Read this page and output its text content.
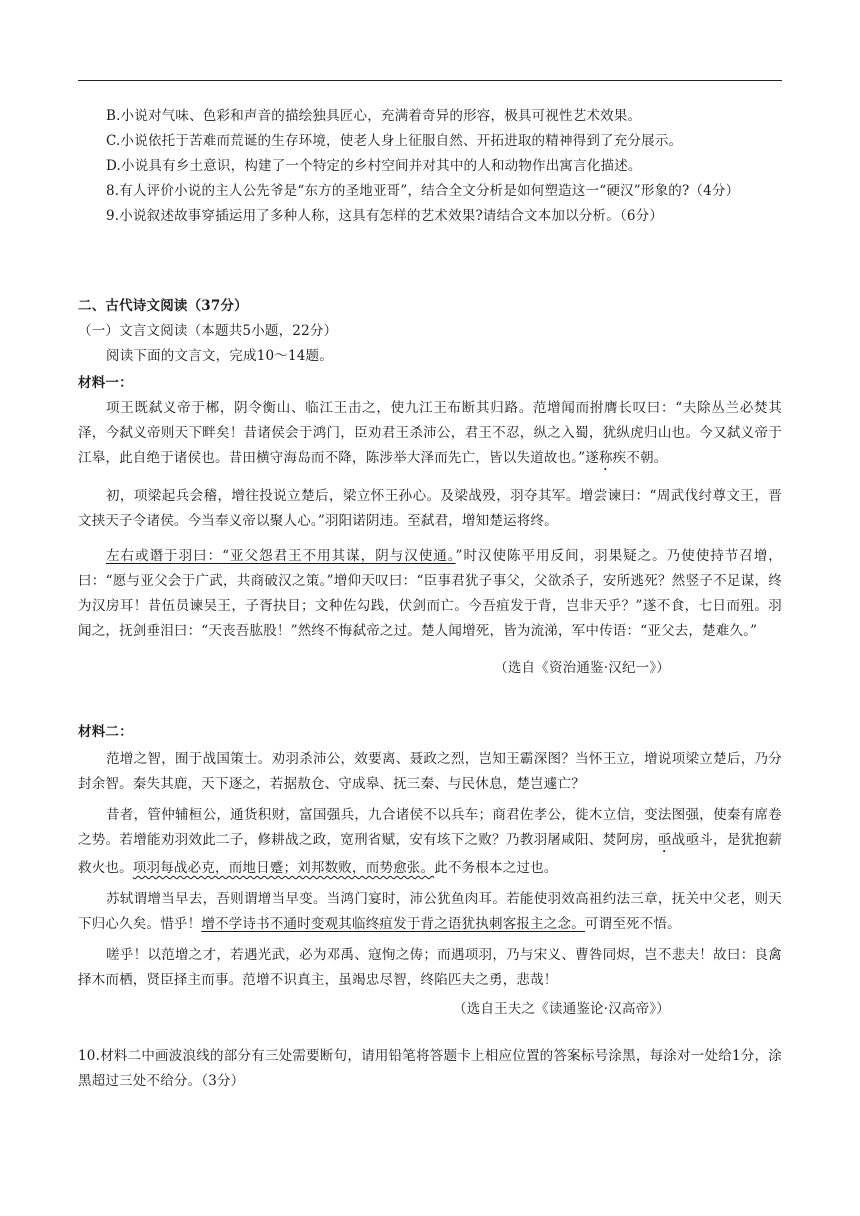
B.小说对气味、色彩和声音的描绘独具匠心，充满着奇异的形容，极具可视性艺术效果。

C.小说依托于苦难而荒诞的生存环境，使老人身上征服自然、开拓进取的精神得到了充分展示。

D.小说具有乡土意识，构建了一个特定的乡村空间并对其中的人和动物作出寓言化描述。

8.有人评价小说的主人公先爷是“东方的圣地亚哥”，结合全文分析是如何塑造这一“硬汉”形象的?（4分）

9.小说叙述故事穿插运用了多种人称，这具有怎样的艺术效果?请结合文本加以分析。（6分）

二、古代诗文阅读（37分）

（一）文言文阅读（本题共5小题，22分）

阅读下面的文言文，完成10～14题。

材料一：

项王既弑义帝于郴，阴令衡山、临江王击之，使九江王布断其归路。范增闻而拊膺长叹曰：“夫除丛兰必焚其泽，今弑义帝则天下畔矣！昔诸侯会于鸿门，臣劝君王杀沛公，君王不忍，纵之入蜀，犹纵虎归山也。今又弑义帝于江皋，此自绝于诸侯也。昔田横守海岛而不降，陈涉举大泽而先亡，皆以失道故也。”遂称疾不朝。

初，项梁起兵会稽，增往投说立楚后，梁立怀王孙心。及梁战殁，羽夺其军。增尝谏曰：“周武伐纣尊文王，晋文挟天子令诸侯。今当奉义帝以聚人心。”羽阳诺阴违。至弑君，增知楚运将终。

左右或谮于羽曰：“亚父怨君王不用其谋，阴与汉使通。”时汉使陈平用反间，羽果疑之。乃使使持节召增，曰：“愿与亚父会于广武，共商破汉之策。”增仰天叹曰：“臣事君犹子事父，父欲杀子，安所逃死？然竖子不足谋，终为汉房耳！昔伍员谏吴王，子胥抉目；文种佐勾践，伏剑而亡。今吾疽发于背，岂非天乎？”遂不食，七日而殂。羽闻之，抚剑垂泪曰：“天丧吾肱股！”然终不悔弑帝之过。楚人闻增死，皆为流涕，军中传语：“亚父去，楚难久。”

（选自《资治通鉴·汉纪一》）

材料二：

范增之智，囿于战国策士。劝羽杀沛公，效要离、聂政之烈，岂知王霸深图？当怀王立，增说项梁立楚后，乃分封余智。秦失其鹿，天下逐之，若据敖仓、守成皋、抚三秦、与民休息，楚岂遽亡？

昔者，管仲辅桓公，通货积财，富国强兵，九合诸侯不以兵车；商君佐孝公，徙木立信，变法图强，使秦有席卷之势。若增能劝羽效此二子，修耕战之政，宽刑省赋，安有垓下之败？乃教羽屠咸阳、焚阿房，亟战亟斗，是犹抱薪救火也。项羽每战必克，而地日蹙；刘邦数败，而势愈张。此不务根本之过也。

苏轼谓增当早去，吾则谓增当早变。当鸿门宴时，沛公犹鱼肉耳。若能使羽效高祖约法三章，抚关中父老，则天下归心久矣。惜乎！增不学诗书不通时变观其临终疽发于背之语犹执刺客报主之念。可谓至死不悟。

嗟乎！以范增之才，若遇光武，必为邓禹、寇恂之俦；而遇项羽，乃与宋义、曹咎同烬，岂不悲夫！故曰：良禽择木而栖，贤臣择主而事。范增不识真主，虽竭忠尽智，终陷匹夫之勇，悲哉！

（选自王夫之《读通鉴论·汉高帝》）

10.材料二中画波浪线的部分有三处需要断句，请用铅笔将答题卡上相应位置的答案标号涂黑，每涂对一处给1分，涂黑超过三处不给分。（3分）
